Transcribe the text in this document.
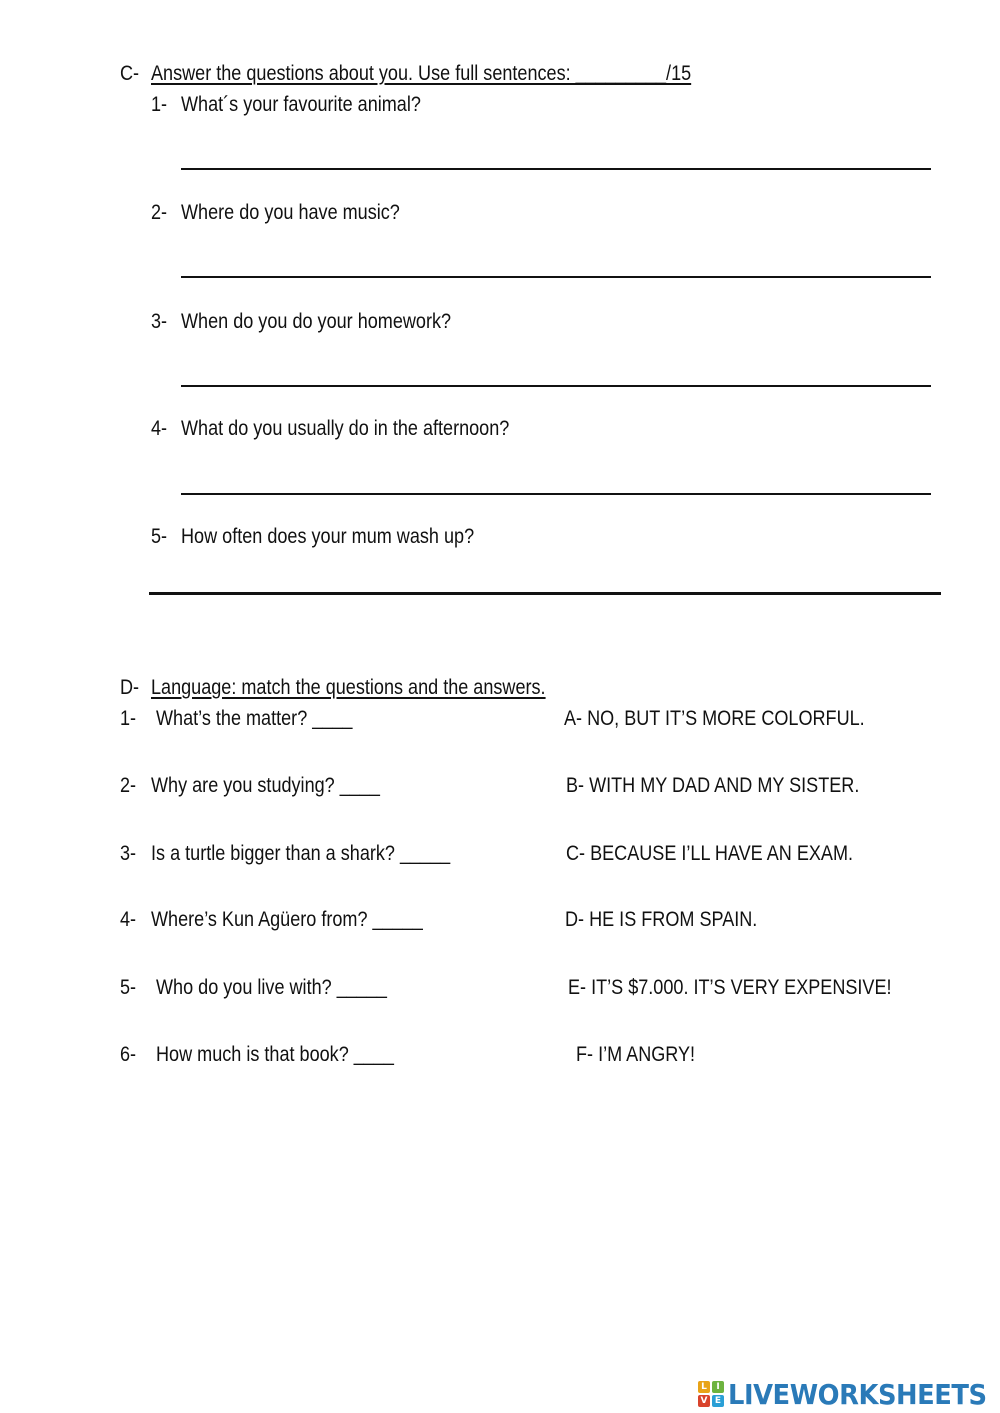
C- Answer the questions about you. Use full sentences: _________/15
1- What´s your favourite animal?
2- Where do you have music?
3- When do you do your homework?
4- What do you usually do in the afternoon?
5- How often does your mum wash up?
D- Language: match the questions and the answers.
1- What’s the matter? ____	A- NO, BUT IT’S MORE COLORFUL.
2- Why are you studying? ____	B- WITH MY DAD AND MY SISTER.
3- Is a turtle bigger than a shark? _____	C- BECAUSE I’LL HAVE AN EXAM.
4- Where’s Kun Agüero from? _____	D- HE IS FROM SPAIN.
5- Who do you live with? _____	E- IT’S $7.000. IT’S VERY EXPENSIVE!
6- How much is that book? ____	F- I’M ANGRY!
L	I
V E LIVEWORKSHEETS
